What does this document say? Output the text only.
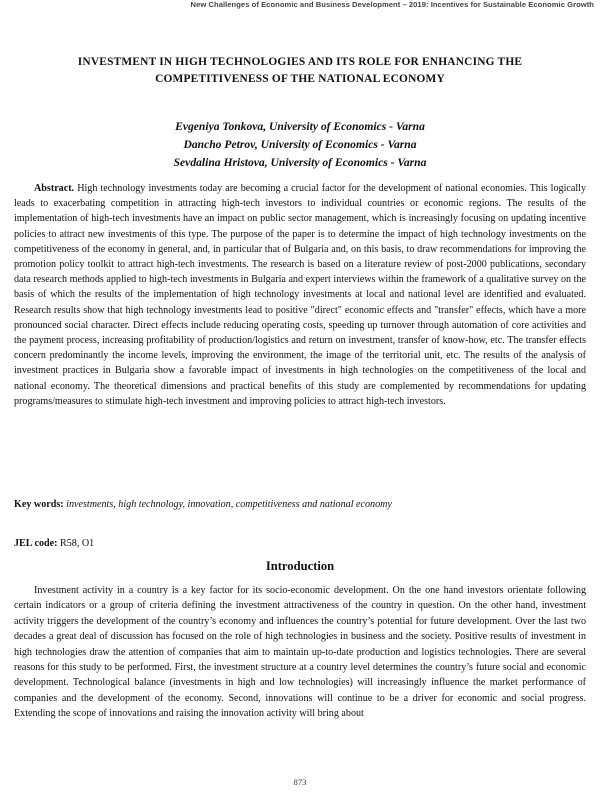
New Challenges of Economic and Business Development – 2019: Incentives for Sustainable Economic Growth
INVESTMENT IN HIGH TECHNOLOGIES AND ITS ROLE FOR ENHANCING THE COMPETITIVENESS OF THE NATIONAL ECONOMY
Evgeniya Tonkova, University of Economics - Varna
Dancho Petrov, University of Economics - Varna
Sevdalina Hristova, University of Economics - Varna

Abstract. High technology investments today are becoming a crucial factor for the development of national economies. This logically leads to exacerbating competition in attracting high-tech investors to individual countries or economic regions. The results of the implementation of high-tech investments have an impact on public sector management, which is increasingly focusing on updating incentive policies to attract new investments of this type. The purpose of the paper is to determine the impact of high technology investments on the competitiveness of the economy in general, and, in particular that of Bulgaria and, on this basis, to draw recommendations for improving the promotion policy toolkit to attract high-tech investments. The research is based on a literature review of post-2000 publications, secondary data research methods applied to high-tech investments in Bulgaria and expert interviews within the framework of a qualitative survey on the basis of which the results of the implementation of high technology investments at local and national level are identified and evaluated. Research results show that high technology investments lead to positive "direct" economic effects and "transfer" effects, which have a more pronounced social character. Direct effects include reducing operating costs, speeding up turnover through automation of core activities and the payment process, increasing profitability of production/logistics and return on investment, transfer of know-how, etc. The transfer effects concern predominantly the income levels, improving the environment, the image of the territorial unit, etc. The results of the analysis of investment practices in Bulgaria show a favorable impact of investments in high technologies on the competitiveness of the local and national economy. The theoretical dimensions and practical benefits of this study are complemented by recommendations for updating programs/measures to stimulate high-tech investment and improving policies to attract high-tech investors.

Key words: investments, high technology, innovation, competitiveness and national economy
JEL code: R58, O1
Introduction

Investment activity in a country is a key factor for its socio-economic development. On the one hand investors orientate following certain indicators or a group of criteria defining the investment attractiveness of the country in question. On the other hand, investment activity triggers the development of the country’s economy and influences the country’s potential for future development. Over the last two decades a great deal of discussion has focused on the role of high technologies in business and the society. Positive results of investment in high technologies draw the attention of companies that aim to maintain up-to-date production and logistics technologies. There are several reasons for this study to be performed. First, the investment structure at a country level determines the country’s future social and economic development. Technological balance (investments in high and low technologies) will increasingly influence the market performance of companies and the development of the economy. Second, innovations will continue to be a driver for economic and social progress. Extending the scope of innovations and raising the innovation activity will bring about

873
